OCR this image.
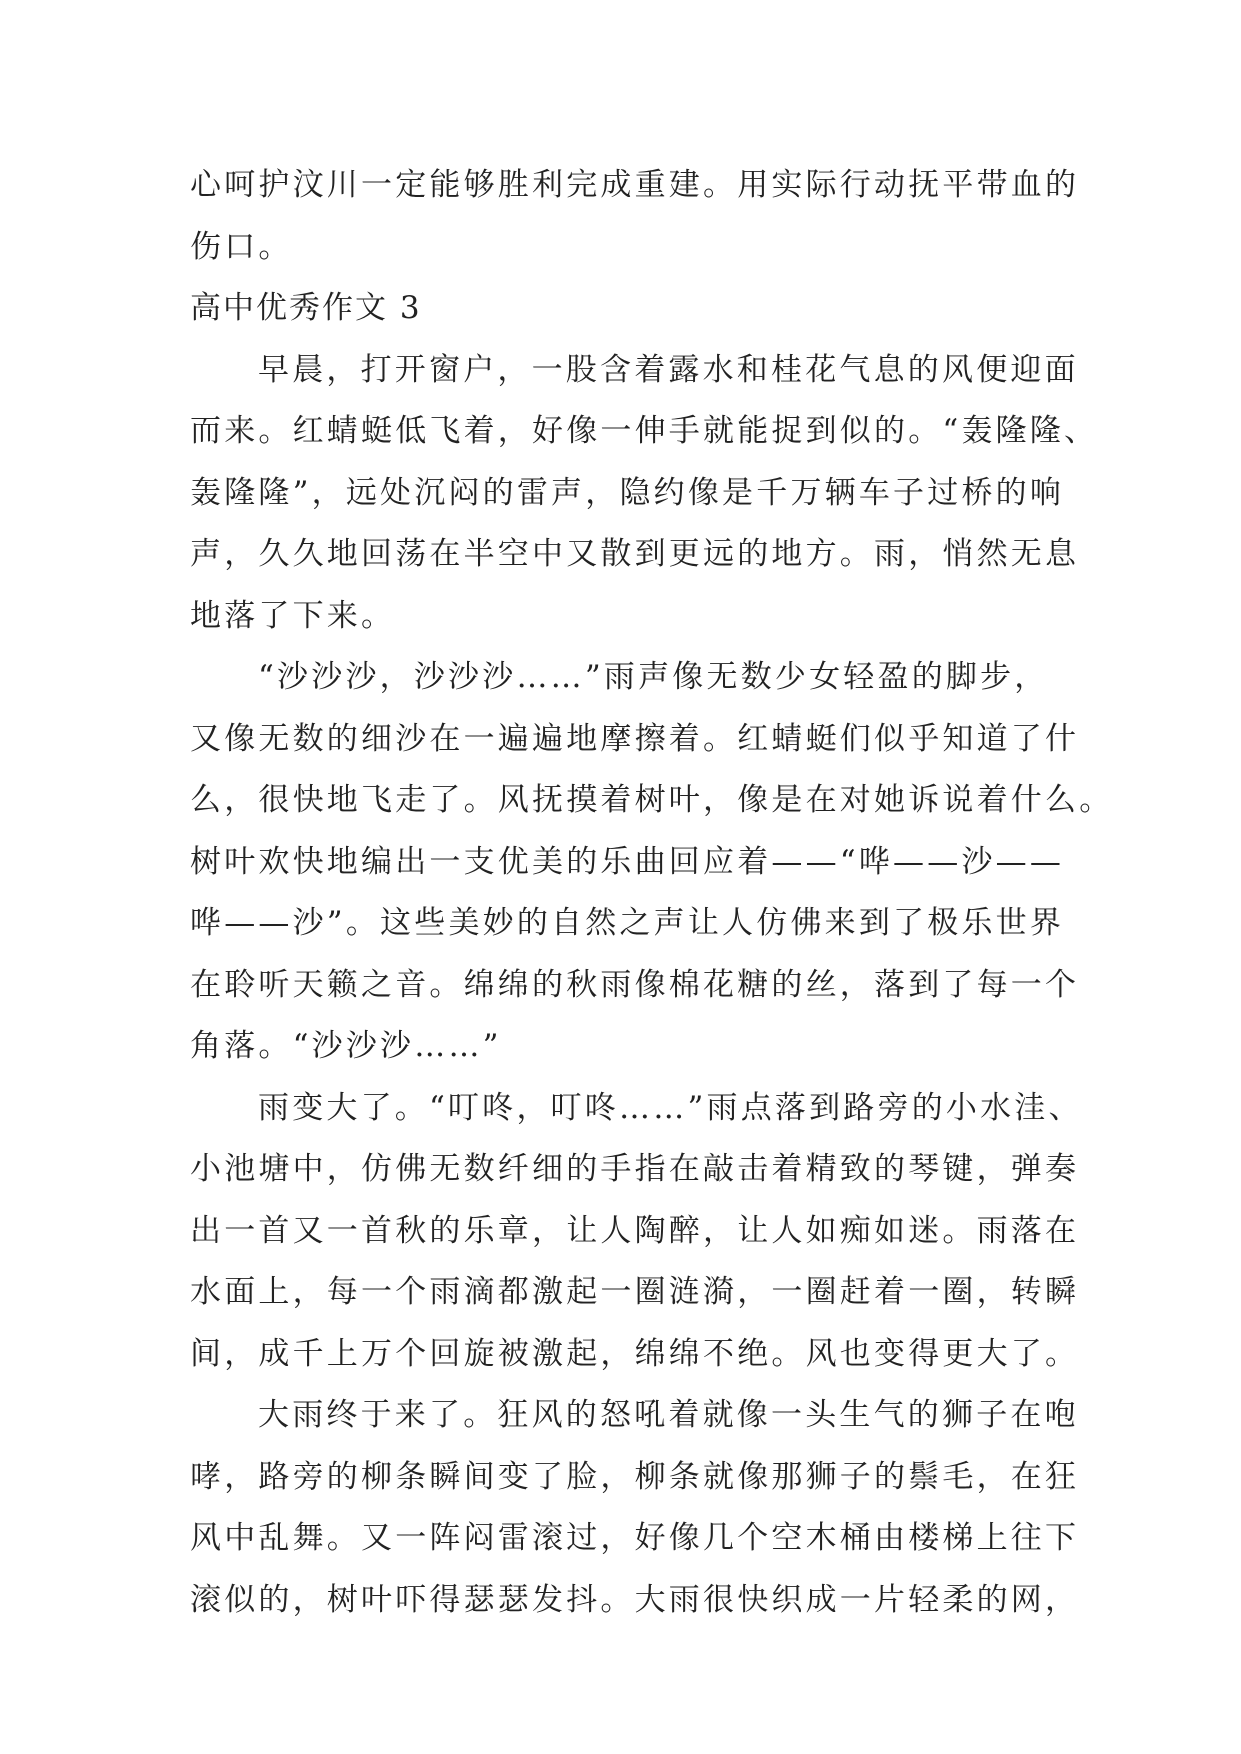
心呵护汶川一定能够胜利完成重建。用实际行动抚平带血的
伤口。
高中优秀作文 3
早晨，打开窗户，一股含着露水和桂花气息的风便迎面
而来。红蜻蜓低飞着，好像一伸手就能捉到似的。“轰隆隆、
轰隆隆”，远处沉闷的雷声，隐约像是千万辆车子过桥的响
声，久久地回荡在半空中又散到更远的地方。雨，悄然无息
地落了下来。
“沙沙沙，沙沙沙……”雨声像无数少女轻盈的脚步，
又像无数的细沙在一遍遍地摩擦着。红蜻蜓们似乎知道了什
么，很快地飞走了。风抚摸着树叶，像是在对她诉说着什么。
树叶欢快地编出一支优美的乐曲回应着——“哗——沙——
哗——沙”。这些美妙的自然之声让人仿佛来到了极乐世界
在聆听天籁之音。绵绵的秋雨像棉花糖的丝，落到了每一个
角落。“沙沙沙……”
雨变大了。“叮咚，叮咚……”雨点落到路旁的小水洼、
小池塘中，仿佛无数纤细的手指在敲击着精致的琴键，弹奏
出一首又一首秋的乐章，让人陶醉，让人如痴如迷。雨落在
水面上，每一个雨滴都激起一圈涟漪，一圈赶着一圈，转瞬
间，成千上万个回旋被激起，绵绵不绝。风也变得更大了。
大雨终于来了。狂风的怒吼着就像一头生气的狮子在咆
哮，路旁的柳条瞬间变了脸，柳条就像那狮子的鬃毛，在狂
风中乱舞。又一阵闷雷滚过，好像几个空木桶由楼梯上往下
滚似的，树叶吓得瑟瑟发抖。大雨很快织成一片轻柔的网，
